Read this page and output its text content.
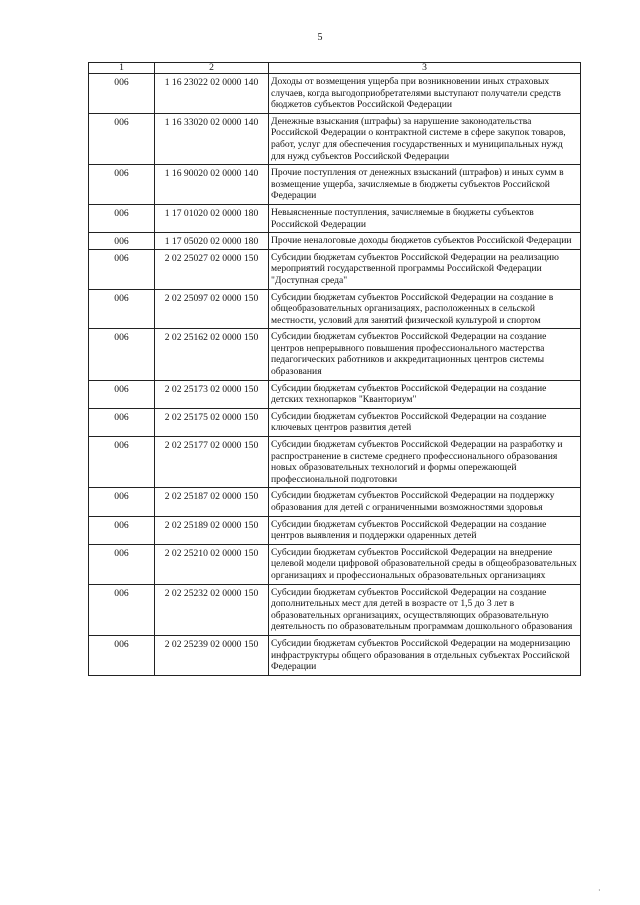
5
1	2	3
006	1 16 23022 02 0000 140	Доходы от возмещения ущерба при возникновении иных страховых случаев, когда выгодоприобретателями выступают получатели средств бюджетов субъектов Российской Федерации
006	1 16 33020 02 0000 140	Денежные взыскания (штрафы) за нарушение законодательства Российской Федерации о контрактной системе в сфере закупок товаров, работ, услуг для обеспечения государственных и муниципальных нужд для нужд субъектов Российской Федерации
006	1 16 90020 02 0000 140	Прочие поступления от денежных взысканий (штрафов) и иных сумм в возмещение ущерба, зачисляемые в бюджеты субъектов Российской Федерации
006	1 17 01020 02 0000 180	Невыясненные поступления, зачисляемые в бюджеты субъектов Российской Федерации
006	1 17 05020 02 0000 180	Прочие неналоговые доходы бюджетов субъектов Российской Федерации
006	2 02 25027 02 0000 150	Субсидии бюджетам субъектов Российской Федерации на реализацию мероприятий государственной программы Российской Федерации "Доступная среда"
006	2 02 25097 02 0000 150	Субсидии бюджетам субъектов Российской Федерации на создание в общеобразовательных организациях, расположенных в сельской местности, условий для занятий физической культурой и спортом
006	2 02 25162 02 0000 150	Субсидии бюджетам субъектов Российской Федерации на создание центров непрерывного повышения профессионального мастерства педагогических работников и аккредитационных центров системы образования
006	2 02 25173 02 0000 150	Субсидии бюджетам субъектов Российской Федерации на создание детских технопарков "Кванториум"
006	2 02 25175 02 0000 150	Субсидии бюджетам субъектов Российской Федерации на создание ключевых центров развития детей
006	2 02 25177 02 0000 150	Субсидии бюджетам субъектов Российской Федерации на разработку и распространение в системе среднего профессионального образования новых образовательных технологий и формы опережающей профессиональной подготовки
006	2 02 25187 02 0000 150	Субсидии бюджетам субъектов Российской Федерации на поддержку образования для детей с ограниченными возможностями здоровья
006	2 02 25189 02 0000 150	Субсидии бюджетам субъектов Российской Федерации на создание центров выявления и поддержки одаренных детей
006	2 02 25210 02 0000 150	Субсидии бюджетам субъектов Российской Федерации на внедрение целевой модели цифровой образовательной среды в общеобразовательных организациях и профессиональных образовательных организациях
006	2 02 25232 02 0000 150	Субсидии бюджетам субъектов Российской Федерации на создание дополнительных мест для детей в возрасте от 1,5 до 3 лет в образовательных организациях, осуществляющих образовательную деятельность по образовательным программам дошкольного образования
006	2 02 25239 02 0000 150	Субсидии бюджетам субъектов Российской Федерации на модернизацию инфраструктуры общего образования в отдельных субъектах Российской Федерации
·
